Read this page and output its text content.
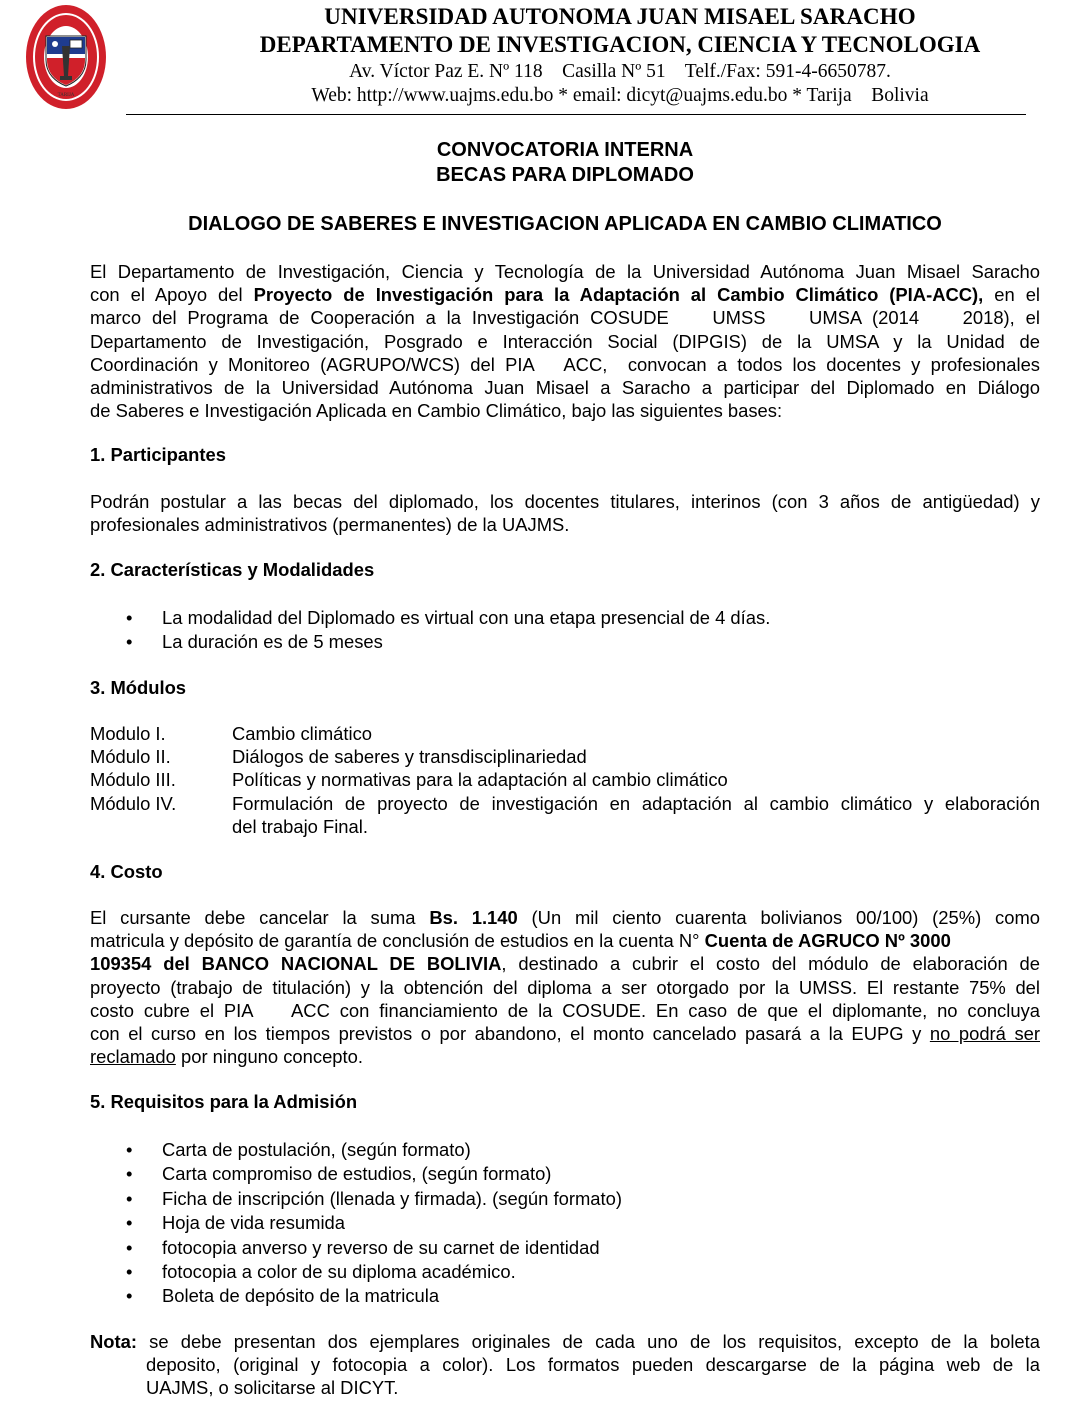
TARIJA
UNIVERSIDAD AUTONOMA JUAN MISAEL SARACHO
DEPARTAMENTO DE INVESTIGACION, CIENCIA Y TECNOLOGIA
Av. Víctor Paz E. Nº 118    Casilla Nº 51    Telf./Fax: 591-4-6650787.
Web: http://www.uajms.edu.bo * email: dicyt@uajms.edu.bo * Tarija    Bolivia
CONVOCATORIA INTERNA
BECAS PARA DIPLOMADO
DIALOGO DE SABERES E INVESTIGACION APLICADA EN CAMBIO CLIMATICO
El Departamento de Investigación, Ciencia y Tecnología de la Universidad Autónoma Juan Misael Saracho
con el Apoyo del Proyecto de Investigación para la Adaptación al Cambio Climático (PIA-ACC), en el
marco del Programa de Cooperación a la Investigación COSUDE    UMSS    UMSA (2014    2018), el
Departamento de Investigación, Posgrado e Interacción Social (DIPGIS) de la UMSA y la Unidad de
Coordinación y Monitoreo (AGRUPO/WCS) del PIA   ACC,  convocan a todos los docentes y profesionales
administrativos de la Universidad Autónoma Juan Misael a Saracho a participar del Diplomado en Diálogo
de Saberes e Investigación Aplicada en Cambio Climático, bajo las siguientes bases:
1. Participantes
Podrán postular a las becas del diplomado, los docentes titulares, interinos (con 3 años de antigüedad) y
profesionales administrativos (permanentes) de la UAJMS.
2. Características y Modalidades
• La modalidad del Diplomado es virtual con una etapa presencial de 4 días.
• La duración es de 5 meses
3. Módulos
Modulo I.	Cambio climático
Módulo II.	Diálogos de saberes y transdisciplinariedad
Módulo III.	Políticas y normativas para la adaptación al cambio climático
Módulo IV.	Formulación de proyecto de investigación en adaptación al cambio climático y elaboración
del trabajo Final.
4. Costo
El cursante debe cancelar la suma Bs. 1.140 (Un mil ciento cuarenta bolivianos 00/100) (25%) como
matricula y depósito de garantía de conclusión de estudios en la cuenta N° Cuenta de AGRUCO Nº 3000
109354 del BANCO NACIONAL DE BOLIVIA, destinado a cubrir el costo del módulo de elaboración de
proyecto (trabajo de titulación) y la obtención del diploma a ser otorgado por la UMSS. El restante 75% del
costo cubre el PIA    ACC con financiamiento de la COSUDE. En caso de que el diplomante, no concluya
con el curso en los tiempos previstos o por abandono, el monto cancelado pasará a la EUPG y no podrá ser
reclamado por ninguno concepto.
5. Requisitos para la Admisión
• Carta de postulación, (según formato)
• Carta compromiso de estudios, (según formato)
• Ficha de inscripción (llenada y firmada). (según formato)
• Hoja de vida resumida
• fotocopia anverso y reverso de su carnet de identidad
• fotocopia a color de su diploma académico.
• Boleta de depósito de la matricula
Nota: se debe presentan dos ejemplares originales de cada uno de los requisitos, excepto de la boleta
deposito, (original y fotocopia a color). Los formatos pueden descargarse de la página web de la
UAJMS, o solicitarse al DICYT.
